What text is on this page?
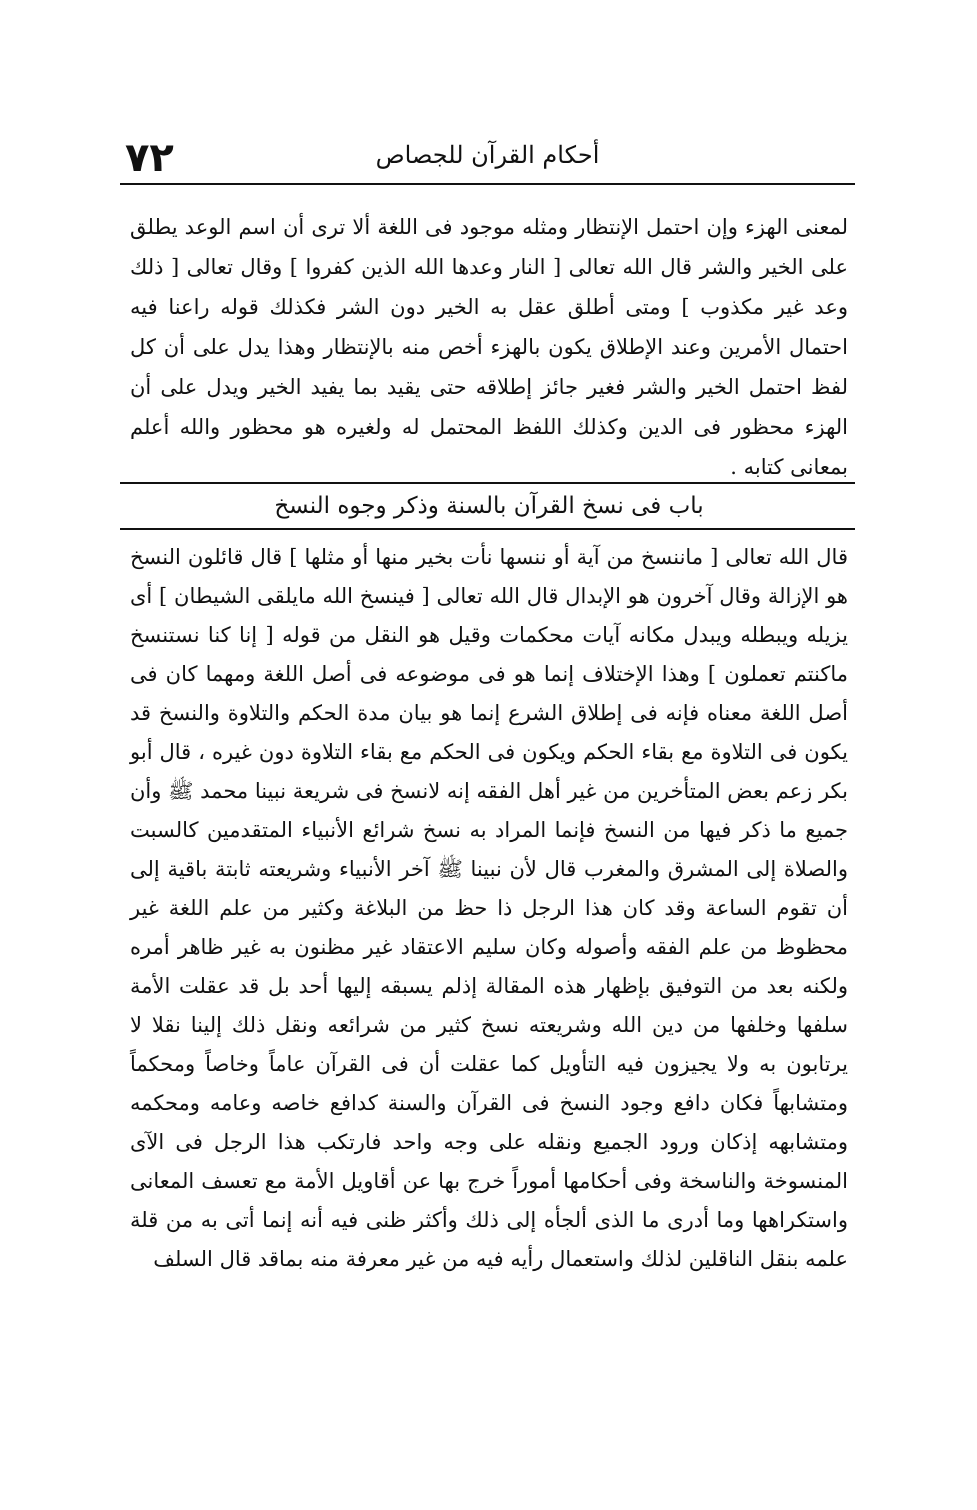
٧٢	أحكام القرآن للجصاص

لمعنى الهزء وإن احتمل الإنتظار ومثله موجود فى اللغة ألا ترى أن اسم الوعد يطلق على الخير والشر قال الله تعالى [ النار وعدها الله الذين كفروا ] وقال تعالى [ ذلك وعد غير مكذوب ] ومتى أطلق عقل به الخير دون الشر فكذلك قوله راعنا فيه احتمال الأمرين وعند الإطلاق يكون بالهزء أخص منه بالإنتظار وهذا يدل على أن كل لفظ احتمل الخير والشر فغير جائز إطلاقه حتى يقيد بما يفيد الخير ويدل على أن الهزء محظور فى الدين وكذلك اللفظ المحتمل له ولغيره هو محظور والله أعلم بمعانى كتابه .

باب فى نسخ القرآن بالسنة وذكر وجوه النسخ

قال الله تعالى [ ماننسخ من آية أو ننسها نأت بخير منها أو مثلها ] قال قائلون النسخ هو الإزالة وقال آخرون هو الإبدال قال الله تعالى [ فينسخ الله مايلقى الشيطان ] أى يزيله ويبطله ويبدل مكانه آيات محكمات وقيل هو النقل من قوله [ إنا كنا نستنسخ ماكنتم تعملون ] وهذا الإختلاف إنما هو فى موضوعه فى أصل اللغة ومهما كان فى أصل اللغة معناه فإنه فى إطلاق الشرع إنما هو بيان مدة الحكم والتلاوة والنسخ قد يكون فى التلاوة مع بقاء الحكم ويكون فى الحكم مع بقاء التلاوة دون غيره ، قال أبو بكر زعم بعض المتأخرين من غير أهل الفقه إنه لانسخ فى شريعة نبينا محمد ﷺ وأن جميع ما ذكر فيها من النسخ فإنما المراد به نسخ شرائع الأنبياء المتقدمين كالسبت والصلاة إلى المشرق والمغرب قال لأن نبينا ﷺ آخر الأنبياء وشريعته ثابتة باقية إلى أن تقوم الساعة وقد كان هذا الرجل ذا حظ من البلاغة وكثير من علم اللغة غير محظوظ من علم الفقه وأصوله وكان سليم الاعتقاد غير مظنون به غير ظاهر أمره ولكنه بعد من التوفيق بإظهار هذه المقالة إذلم يسبقه إليها أحد بل قد عقلت الأمة سلفها وخلفها من دين الله وشريعته نسخ كثير من شرائعه ونقل ذلك إلينا نقلا لا يرتابون به ولا يجيزون فيه التأويل كما عقلت أن فى القرآن عاماً وخاصاً ومحكماً ومتشابهاً فكان دافع وجود النسخ فى القرآن والسنة كدافع خاصه وعامه ومحكمه ومتشابهه إذكان ورود الجميع ونقله على وجه واحد فارتكب هذا الرجل فى الآى المنسوخة والناسخة وفى أحكامها أموراً خرج بها عن أقاويل الأمة مع تعسف المعانى واستكراهها وما أدرى ما الذى ألجأه إلى ذلك وأكثر ظنى فيه أنه إنما أتى به من قلة علمه بنقل الناقلين لذلك واستعمال رأيه فيه من غير معرفة منه بماقد قال السلف
